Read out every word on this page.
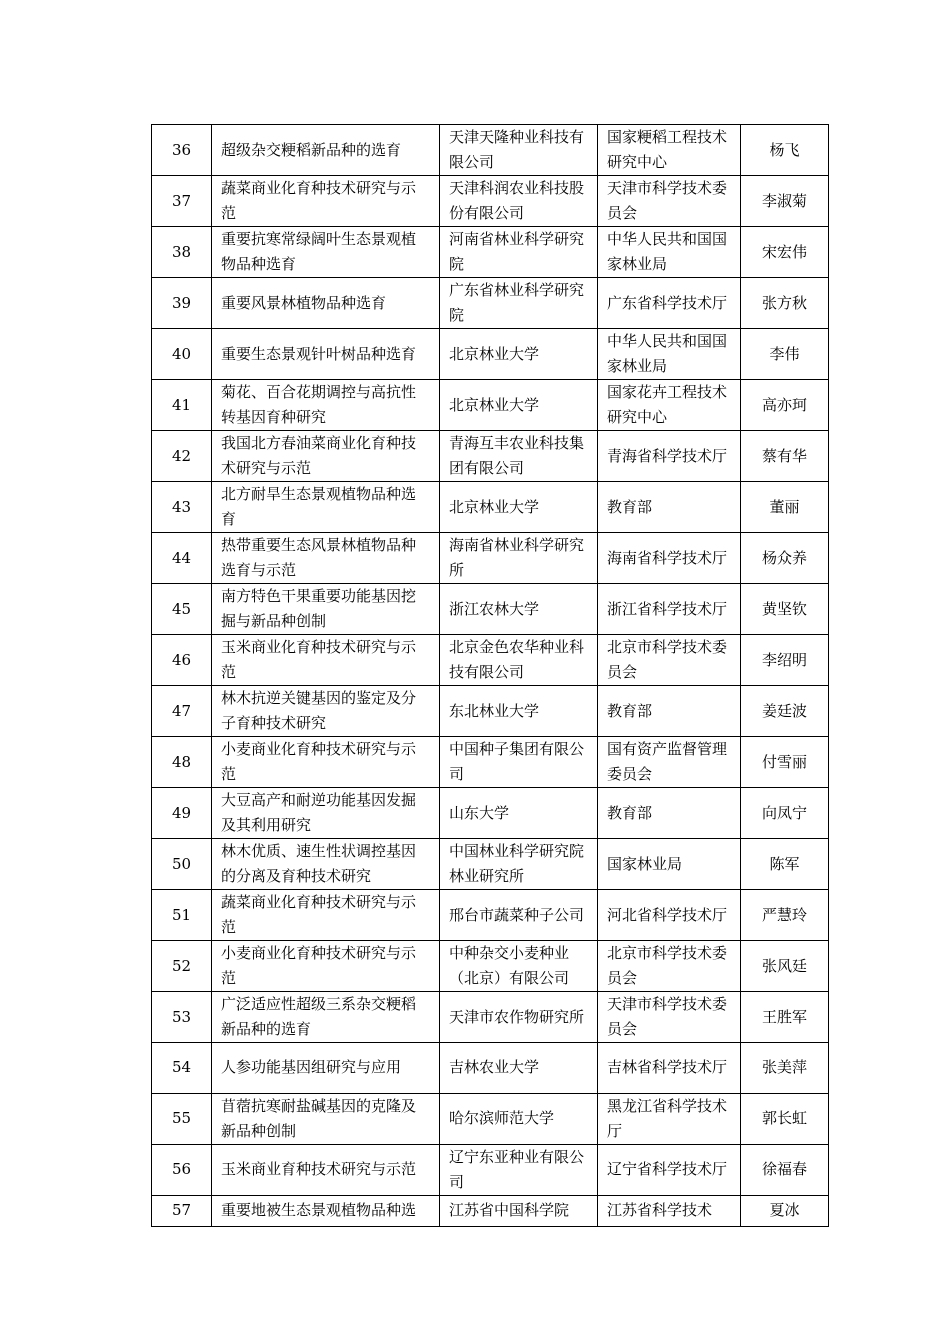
36	超级杂交粳稻新品种的选育	天津天隆种业科技有限公司	国家粳稻工程技术研究中心	杨飞
37	蔬菜商业化育种技术研究与示范	天津科润农业科技股份有限公司	天津市科学技术委员会	李淑菊
38	重要抗寒常绿阔叶生态景观植物品种选育	河南省林业科学研究院	中华人民共和国国家林业局	宋宏伟
39	重要风景林植物品种选育	广东省林业科学研究院	广东省科学技术厅	张方秋
40	重要生态景观针叶树品种选育	北京林业大学	中华人民共和国国家林业局	李伟
41	菊花、百合花期调控与高抗性转基因育种研究	北京林业大学	国家花卉工程技术研究中心	高亦珂
42	我国北方春油菜商业化育种技术研究与示范	青海互丰农业科技集团有限公司	青海省科学技术厅	蔡有华
43	北方耐旱生态景观植物品种选育	北京林业大学	教育部	董丽
44	热带重要生态风景林植物品种选育与示范	海南省林业科学研究所	海南省科学技术厅	杨众养
45	南方特色干果重要功能基因挖掘与新品种创制	浙江农林大学	浙江省科学技术厅	黄坚钦
46	玉米商业化育种技术研究与示范	北京金色农华种业科技有限公司	北京市科学技术委员会	李绍明
47	林木抗逆关键基因的鉴定及分子育种技术研究	东北林业大学	教育部	姜廷波
48	小麦商业化育种技术研究与示范	中国种子集团有限公司	国有资产监督管理委员会	付雪丽
49	大豆高产和耐逆功能基因发掘及其利用研究	山东大学	教育部	向凤宁
50	林木优质、速生性状调控基因的分离及育种技术研究	中国林业科学研究院林业研究所	国家林业局	陈军
51	蔬菜商业化育种技术研究与示范	邢台市蔬菜种子公司	河北省科学技术厅	严慧玲
52	小麦商业化育种技术研究与示范	中种杂交小麦种业（北京）有限公司	北京市科学技术委员会	张风廷
53	广泛适应性超级三系杂交粳稻新品种的选育	天津市农作物研究所	天津市科学技术委员会	王胜军
54	人参功能基因组研究与应用	吉林农业大学	吉林省科学技术厅	张美萍
55	苜蓿抗寒耐盐碱基因的克隆及新品种创制	哈尔滨师范大学	黑龙江省科学技术厅	郭长虹
56	玉米商业育种技术研究与示范	辽宁东亚种业有限公司	辽宁省科学技术厅	徐福春
57	重要地被生态景观植物品种选	江苏省中国科学院	江苏省科学技术	夏冰
